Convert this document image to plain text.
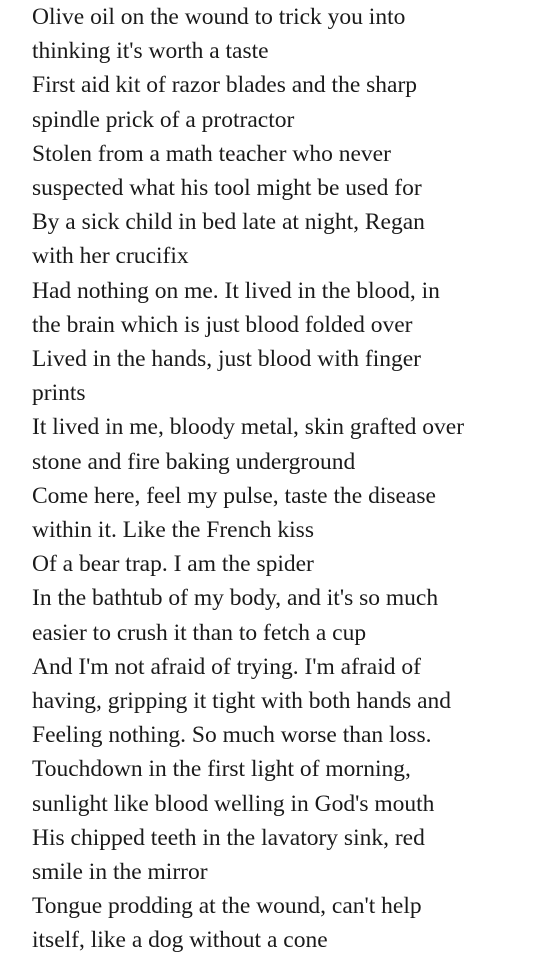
Olive oil on the wound to trick you into
thinking it's worth a taste
First aid kit of razor blades and the sharp
spindle prick of a protractor
Stolen from a math teacher who never
suspected what his tool might be used for
By a sick child in bed late at night, Regan
with her crucifix
Had nothing on me. It lived in the blood, in
the brain which is just blood folded over
Lived in the hands, just blood with finger
prints
It lived in me, bloody metal, skin grafted over
stone and fire baking underground
Come here, feel my pulse, taste the disease
within it. Like the French kiss
Of a bear trap. I am the spider
In the bathtub of my body, and it's so much
easier to crush it than to fetch a cup
And I'm not afraid of trying. I'm afraid of
having, gripping it tight with both hands and
Feeling nothing. So much worse than loss.
Touchdown in the first light of morning,
sunlight like blood welling in God's mouth
His chipped teeth in the lavatory sink, red
smile in the mirror
Tongue prodding at the wound, can't help
itself, like a dog without a cone
